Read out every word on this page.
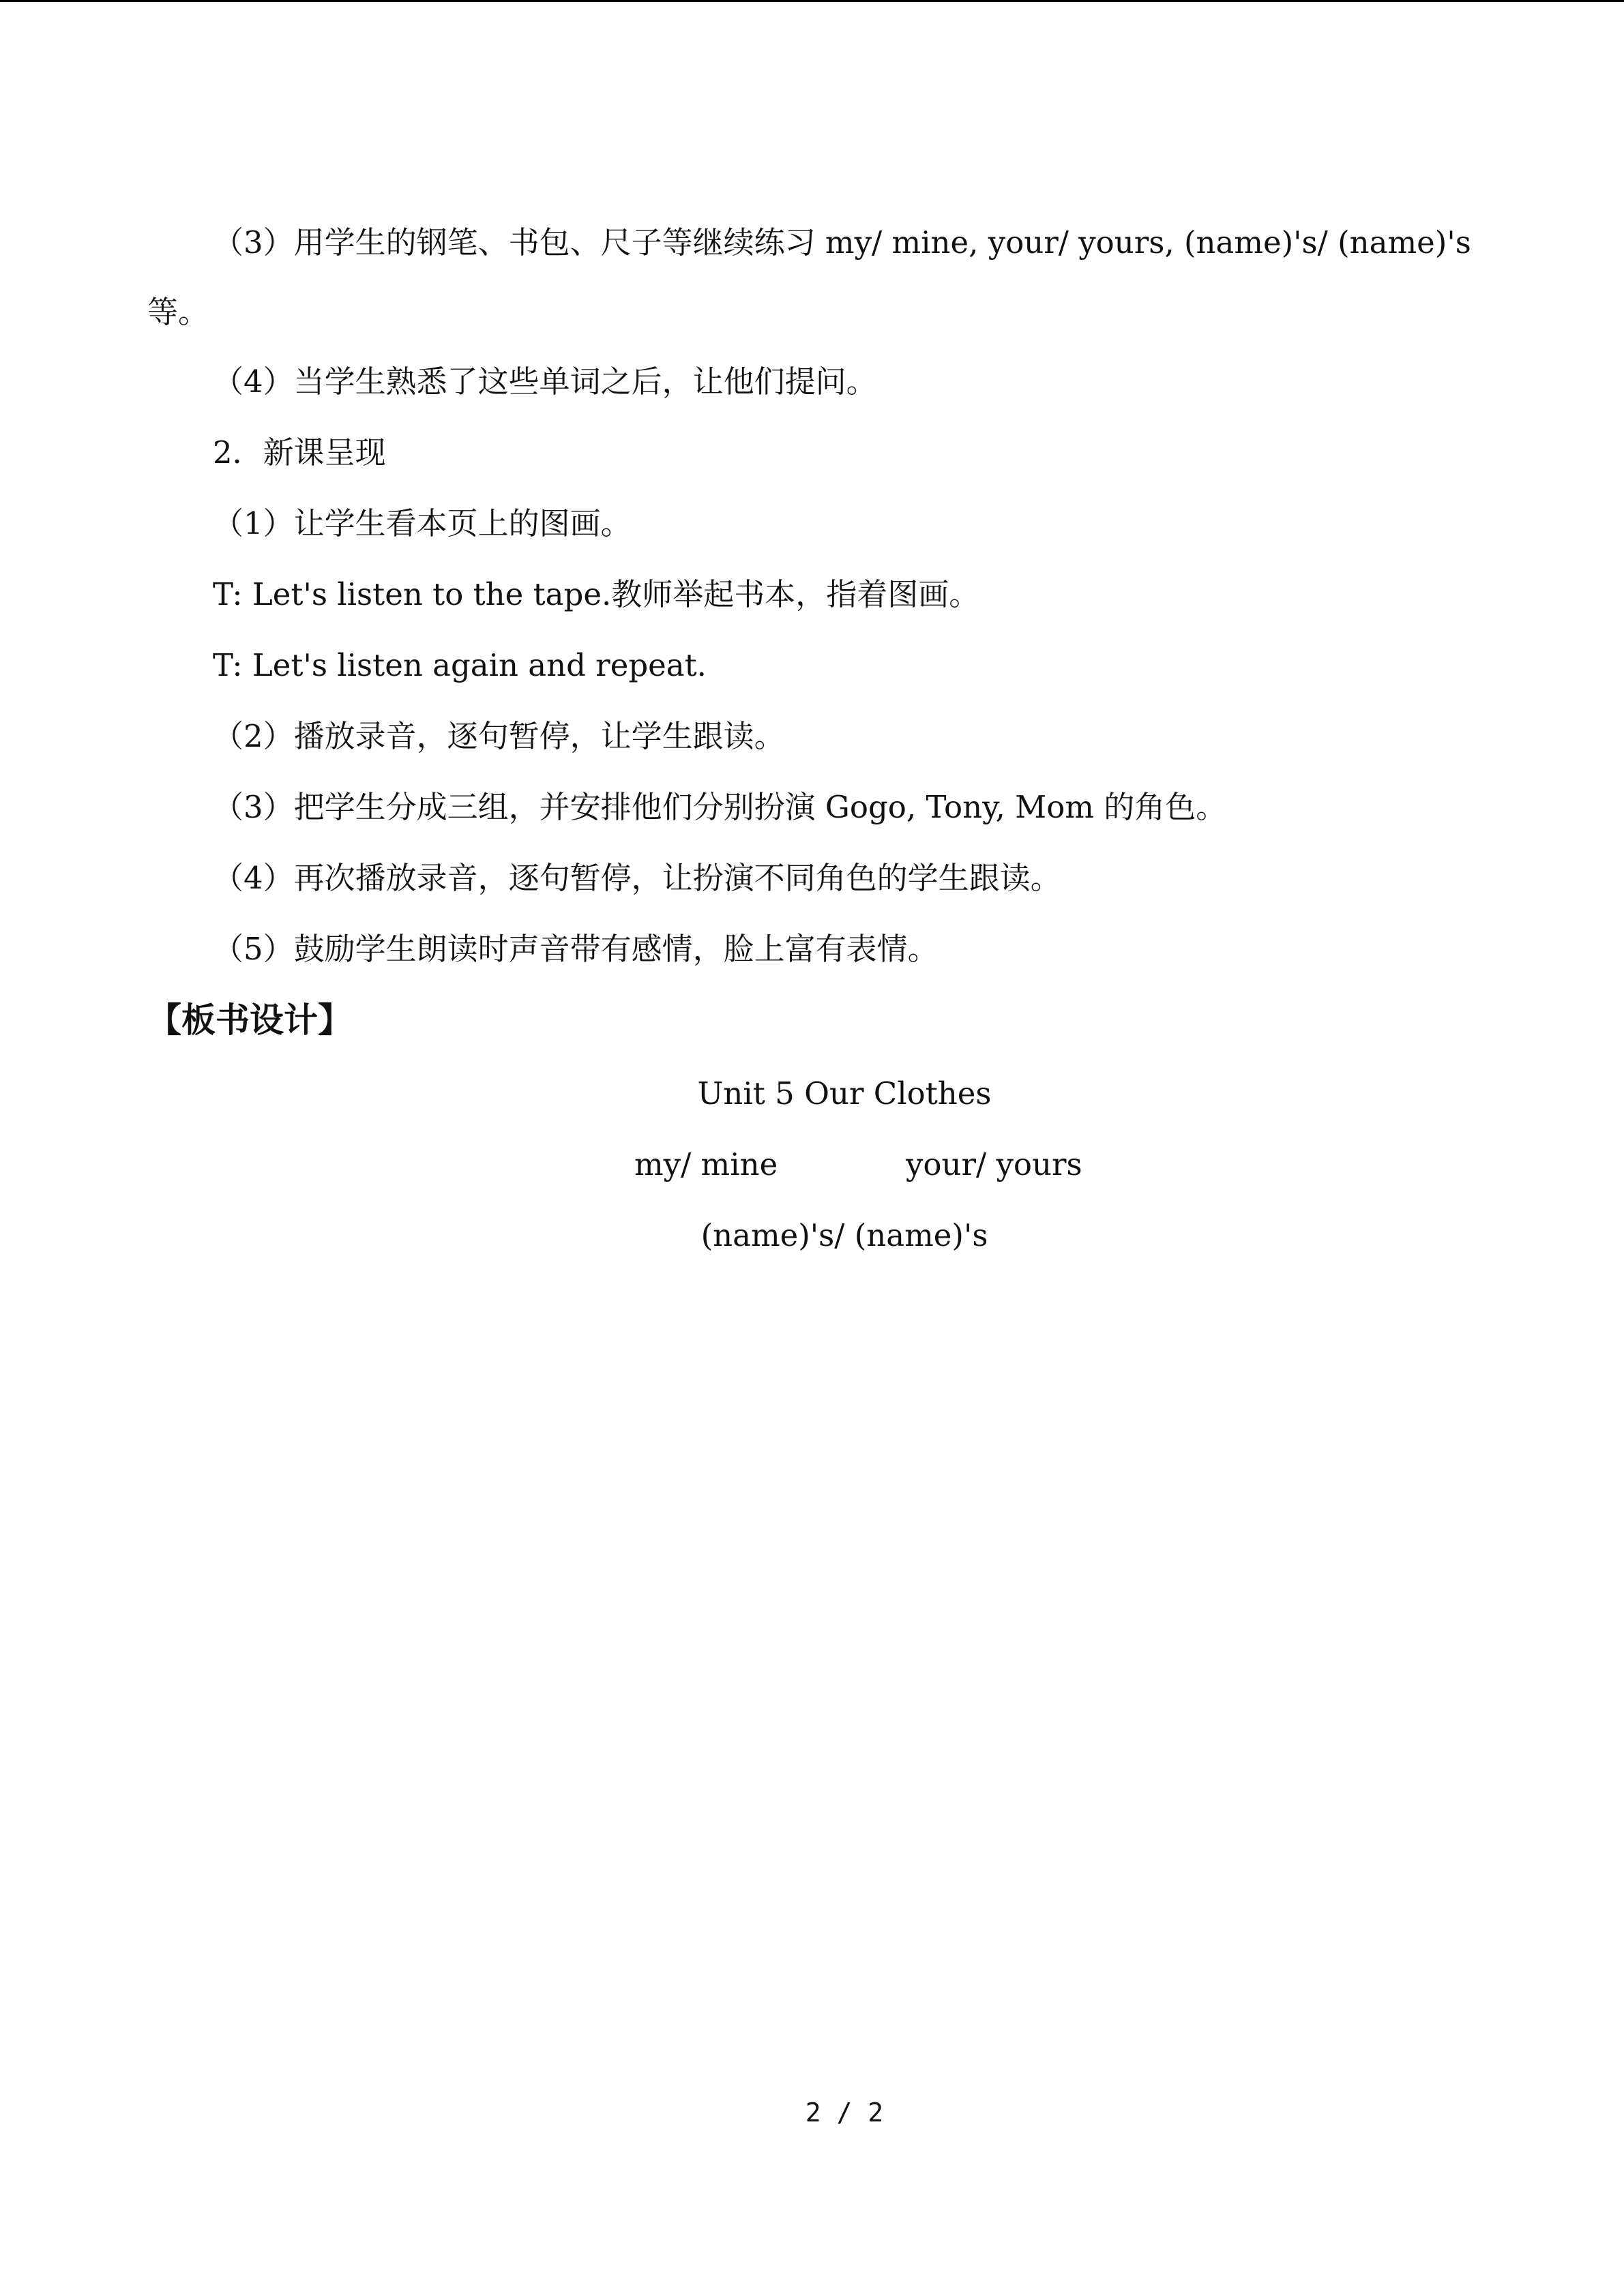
（3）用学生的钢笔、书包、尺子等继续练习 my/ mine, your/ yours, (name)'s/ (name)'s
等。
（4）当学生熟悉了这些单词之后，让他们提问。
2．新课呈现
（1）让学生看本页上的图画。
T: Let's listen to the tape.教师举起书本，指着图画。
T: Let's listen again and repeat.
（2）播放录音，逐句暂停，让学生跟读。
（3）把学生分成三组，并安排他们分别扮演 Gogo, Tony, Mom 的角色。
（4）再次播放录音，逐句暂停，让扮演不同角色的学生跟读。
（5）鼓励学生朗读时声音带有感情，脸上富有表情。
【板书设计】
Unit 5 Our Clothes
my/ mine	your/ yours
(name)'s/ (name)'s
2 / 2
